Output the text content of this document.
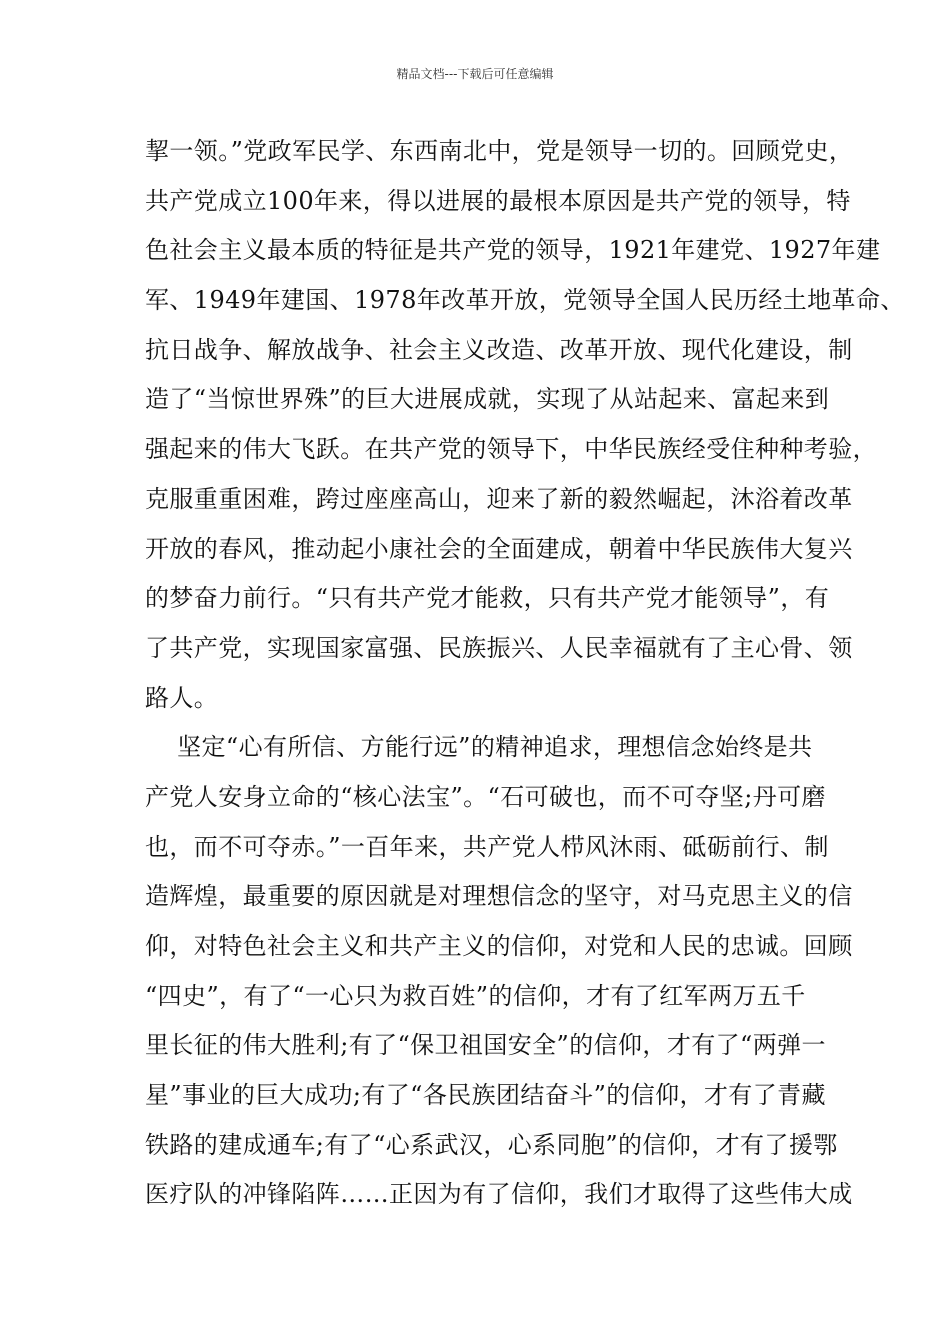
精品文档---下载后可任意编辑
挈一领。”党政军民学、东西南北中，党是领导一切的。回顾党史，
共产党成立100年来，得以进展的最根本原因是共产党的领导，特
色社会主义最本质的特征是共产党的领导，1921年建党、1927年建
军、1949年建国、1978年改革开放，党领导全国人民历经土地革命、
抗日战争、解放战争、社会主义改造、改革开放、现代化建设，制
造了“当惊世界殊”的巨大进展成就，实现了从站起来、富起来到
强起来的伟大飞跃。在共产党的领导下，中华民族经受住种种考验，
克服重重困难，跨过座座高山，迎来了新的毅然崛起，沐浴着改革
开放的春风，推动起小康社会的全面建成，朝着中华民族伟大复兴
的梦奋力前行。“只有共产党才能救，只有共产党才能领导”，有
了共产党，实现国家富强、民族振兴、人民幸福就有了主心骨、领
路人。
坚定“心有所信、方能行远”的精神追求，理想信念始终是共
产党人安身立命的“核心法宝”。“石可破也，而不可夺坚;丹可磨
也，而不可夺赤。”一百年来，共产党人栉风沐雨、砥砺前行、制
造辉煌，最重要的原因就是对理想信念的坚守，对马克思主义的信
仰，对特色社会主义和共产主义的信仰，对党和人民的忠诚。回顾
“四史”，有了“一心只为救百姓”的信仰，才有了红军两万五千
里长征的伟大胜利;有了“保卫祖国安全”的信仰，才有了“两弹一
星”事业的巨大成功;有了“各民族团结奋斗”的信仰，才有了青藏
铁路的建成通车;有了“心系武汉，心系同胞”的信仰，才有了援鄂
医疗队的冲锋陷阵……正因为有了信仰，我们才取得了这些伟大成
